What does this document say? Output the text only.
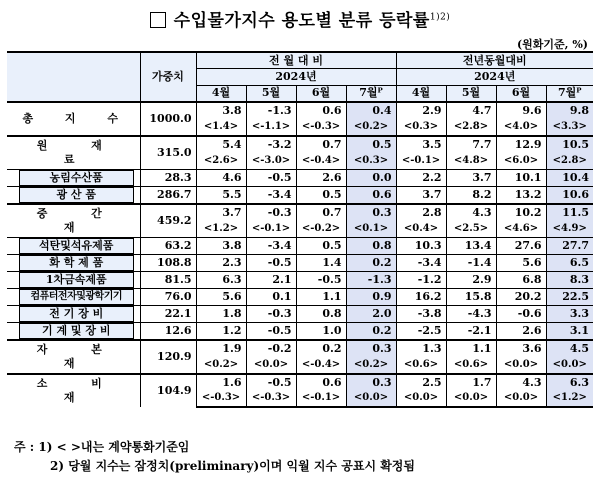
수입물가지수 용도별 분류 등락률$^{1)2)}$
(원화기준, %)
	가중치	전 월 대 비				전년동월대비			
		2024년				2024년			
		4월	5월	6월	7월ᴾ	4월	5월	6월	7월ᴾ

총 지 수	1000.0	3.8	-1.3	0.6	0.4	2.9	4.7	9.6	9.8
		<1.4>	<-1.1>	<-0.3>	<0.2>	<0.3>	<2.8>	<4.0>	<3.3>

원 재 료	315.0	5.4	-3.2	0.7	0.5	3.5	7.7	12.9	10.5
		<2.6>	<-3.0>	<-0.4>	<0.3>	<-0.1>	<4.8>	<6.0>	<2.8>

농림수산품	28.3	4.6	-0.5	2.6	0.0	2.2	3.7	10.1	10.4

광 산 품	286.7	5.5	-3.4	0.5	0.6	3.7	8.2	13.2	10.6

중 간 재	459.2	3.7	-0.3	0.7	0.3	2.8	4.3	10.2	11.5
		<1.2>	<-0.1>	<-0.2>	<0.1>	<0.4>	<2.5>	<4.6>	<4.9>

석탄및석유제품	63.2	3.8	-3.4	0.5	0.8	10.3	13.4	27.6	27.7

화 학 제 품	108.8	2.3	-0.5	1.4	0.2	-3.4	-1.4	5.6	6.5

1차금속제품	81.5	6.3	2.1	-0.5	-1.3	-1.2	2.9	6.8	8.3

컴퓨터전자및광학기기	76.0	5.6	0.1	1.1	0.9	16.2	15.8	20.2	22.5

전 기 장 비	22.1	1.8	-0.3	0.8	2.0	-3.8	-4.3	-0.6	3.3

기 계 및 장 비	12.6	1.2	-0.5	1.0	0.2	-2.5	-2.1	2.6	3.1

자 본 재	120.9	1.9	-0.2	0.2	0.3	1.3	1.1	3.6	4.5
		<0.2>	<0.0>	<-0.4>	<0.2>	<0.6>	<0.6>	<0.0>	<0.0>

소 비 재	104.9	1.6	-0.5	0.6	0.3	2.5	1.7	4.3	6.3
		<-0.3>	<-0.3>	<-0.1>	<0.0>	<0.0>	<0.0>	<0.0>	<1.2>
주 : 1) < >내는 계약통화기준임
2) 당월 지수는 잠정치(preliminary)이며 익월 지수 공표시 확정됨
